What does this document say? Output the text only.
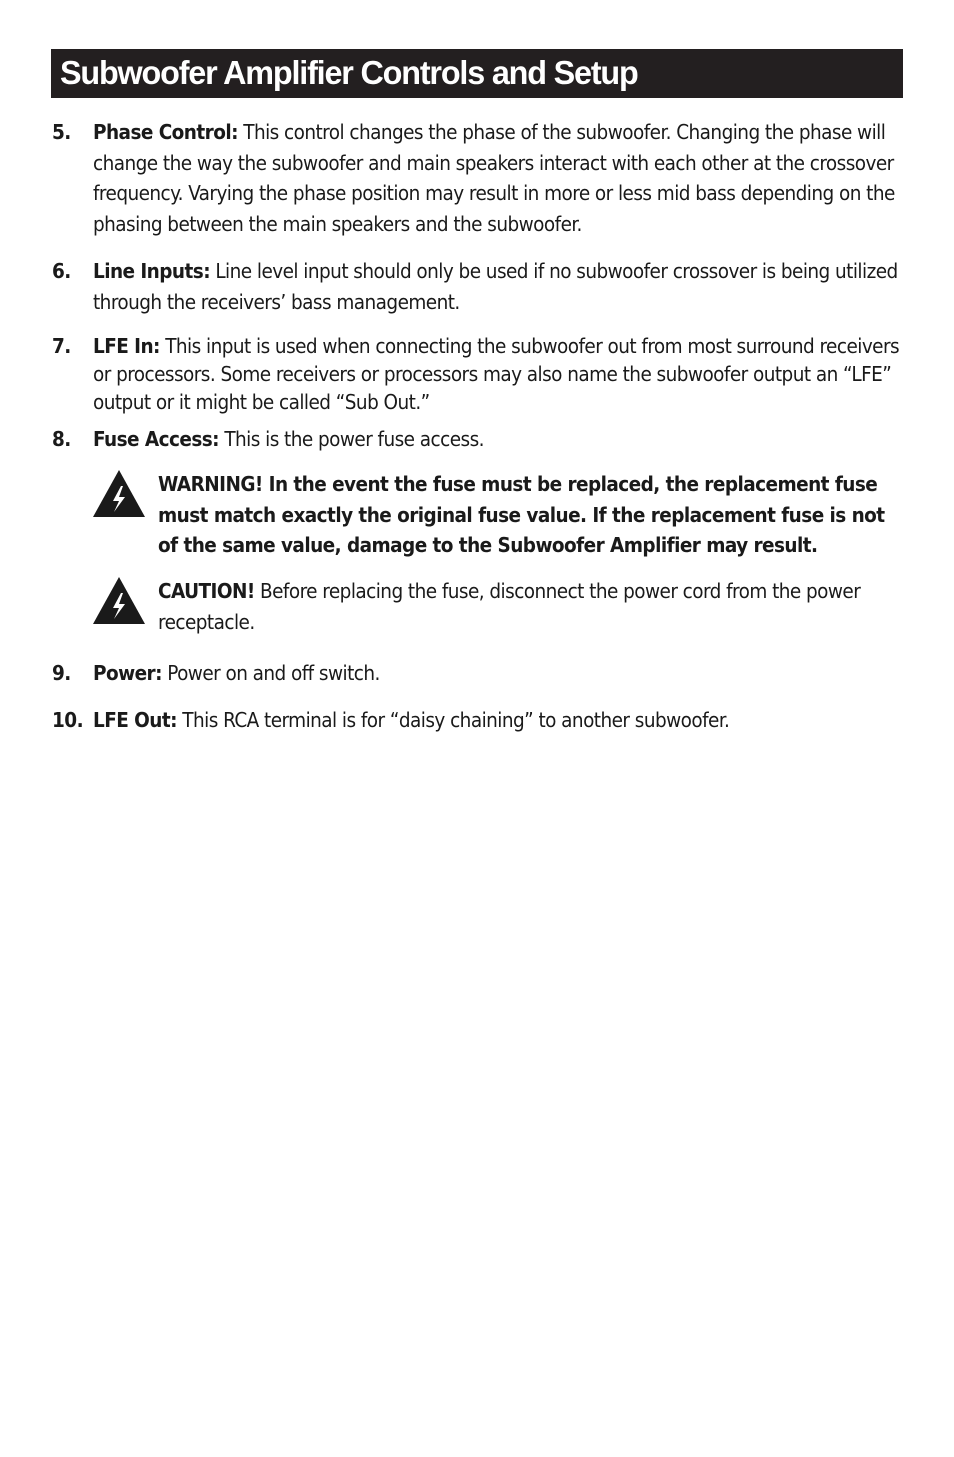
Subwoofer Amplifier Controls and Setup
5. Phase Control: This control changes the phase of the subwoofer. Changing the phase will change the way the subwoofer and main speakers interact with each other at the crossover frequency. Varying the phase position may result in more or less mid bass depending on the phasing between the main speakers and the subwoofer.
6. Line Inputs: Line level input should only be used if no subwoofer crossover is being utilized through the receivers’ bass management.
7. LFE In: This input is used when connecting the subwoofer out from most surround receivers or processors. Some receivers or processors may also name the subwoofer output an “LFE” output or it might be called “Sub Out.”
8. Fuse Access: This is the power fuse access.
WARNING! In the event the fuse must be replaced, the replacement fuse must match exactly the original fuse value. If the replacement fuse is not of the same value, damage to the Subwoofer Amplifier may result.
CAUTION! Before replacing the fuse, disconnect the power cord from the power receptacle.
9. Power: Power on and off switch.
10. LFE Out: This RCA terminal is for “daisy chaining” to another subwoofer.
